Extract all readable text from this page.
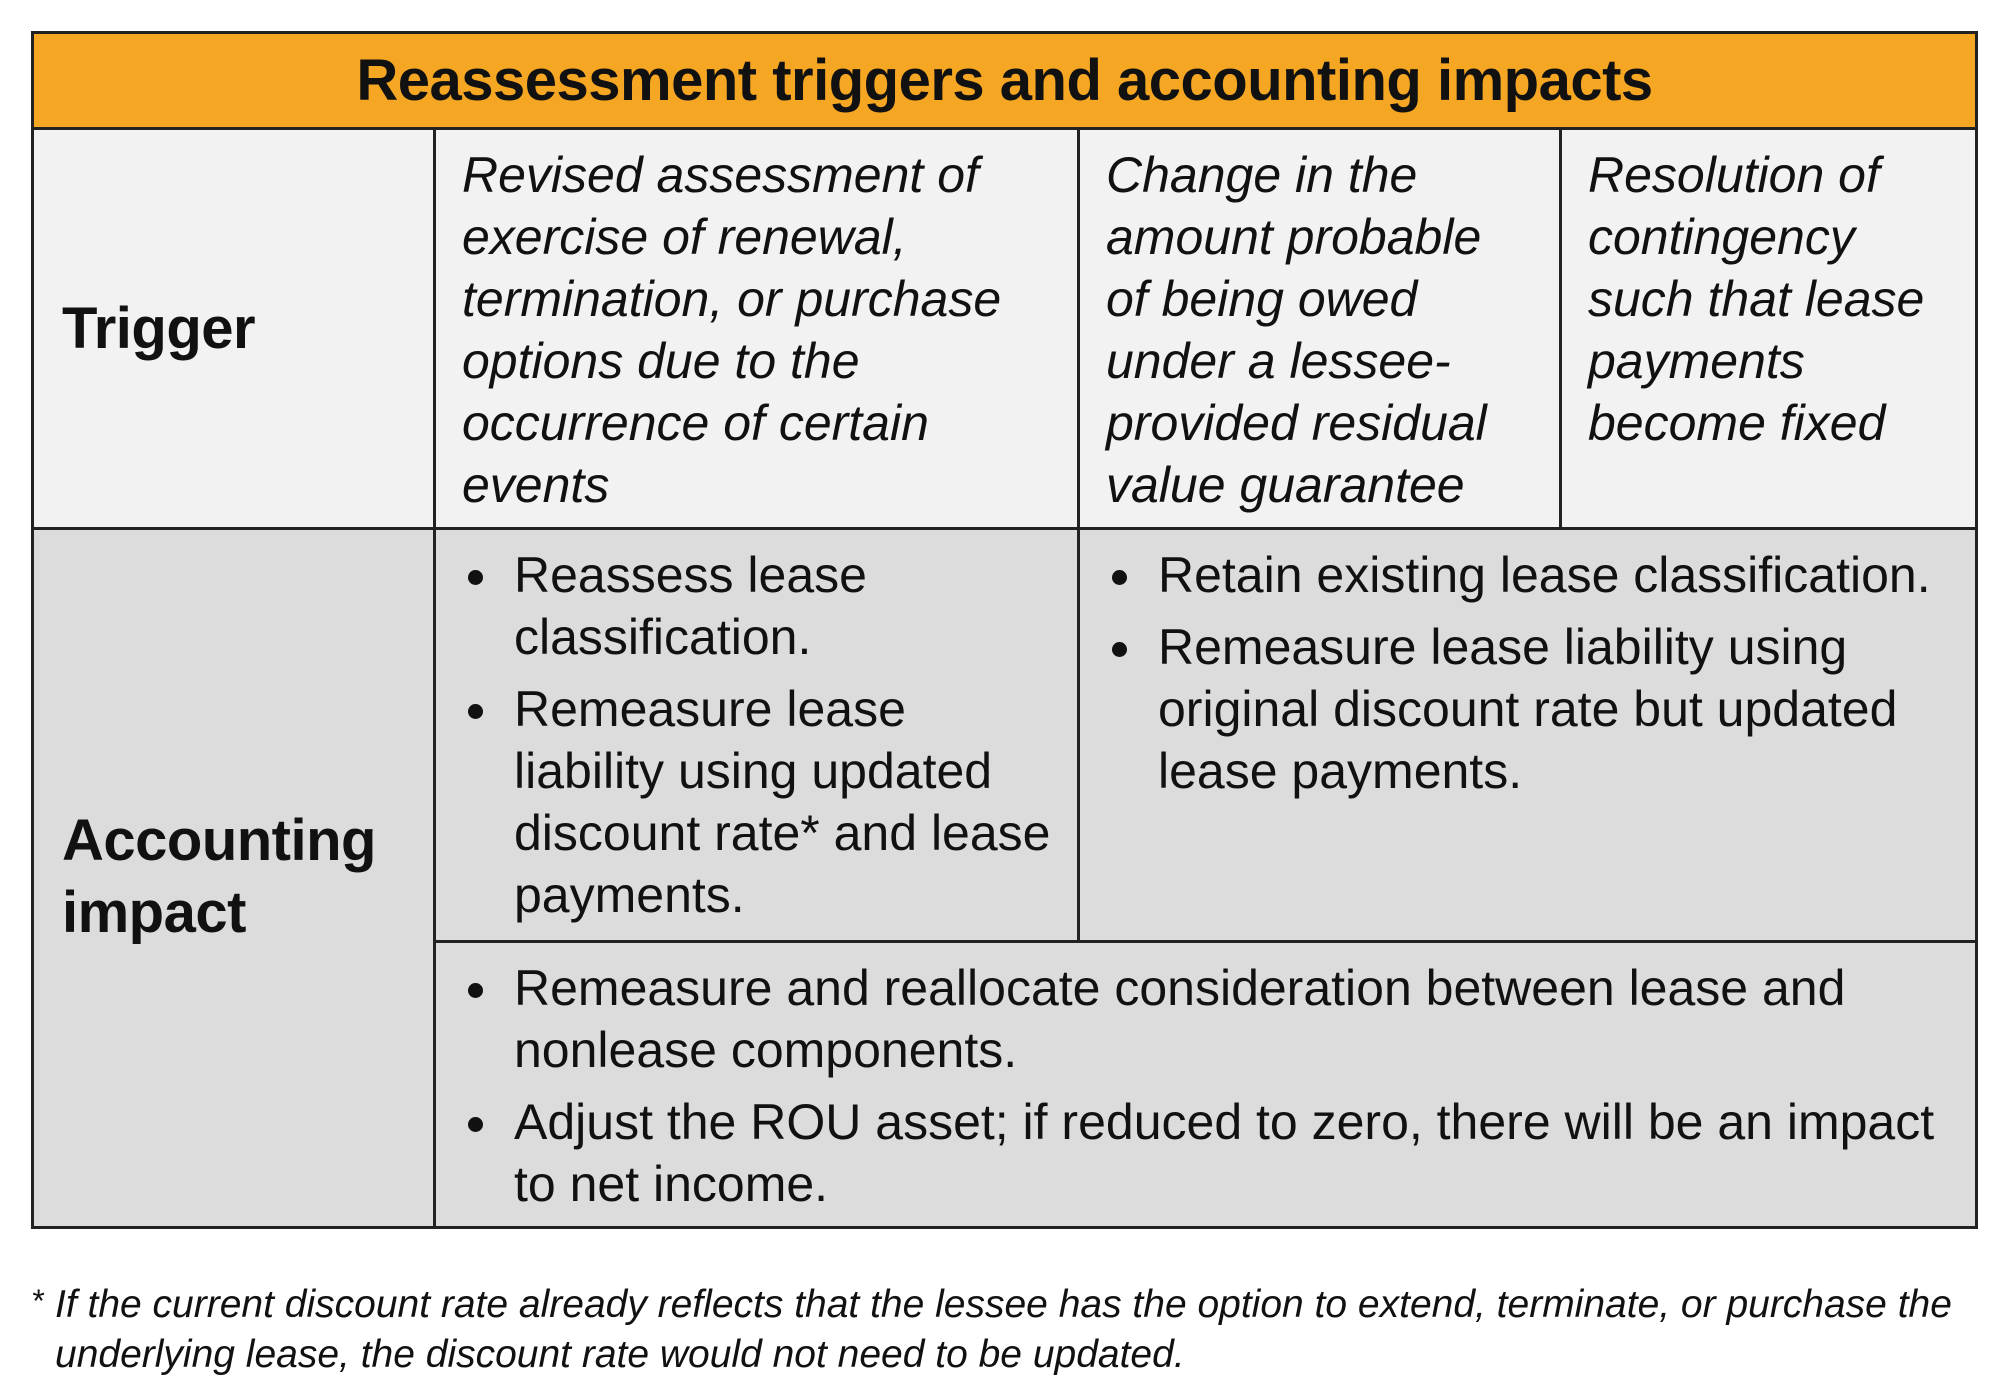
Reassessment triggers and accounting impacts
Trigger
Revised assessment of exercise of renewal, termination, or purchase options due to the occurrence of certain events
Change in the amount probable of being owed under a lessee-provided residual value guarantee
Resolution of contingency such that lease payments become fixed
Accounting
impact
Reassess lease classification.
Remeasure lease liability using updated discount rate* and lease payments.
Retain existing lease classification.
Remeasure lease liability using original discount rate but updated lease payments.
Remeasure and reallocate consideration between lease and nonlease components.
Adjust the ROU asset; if reduced to zero, there will be an impact to net income.
* If the current discount rate already reflects that the lessee has the option to extend, terminate, or purchase the underlying lease, the discount rate would not need to be updated.
